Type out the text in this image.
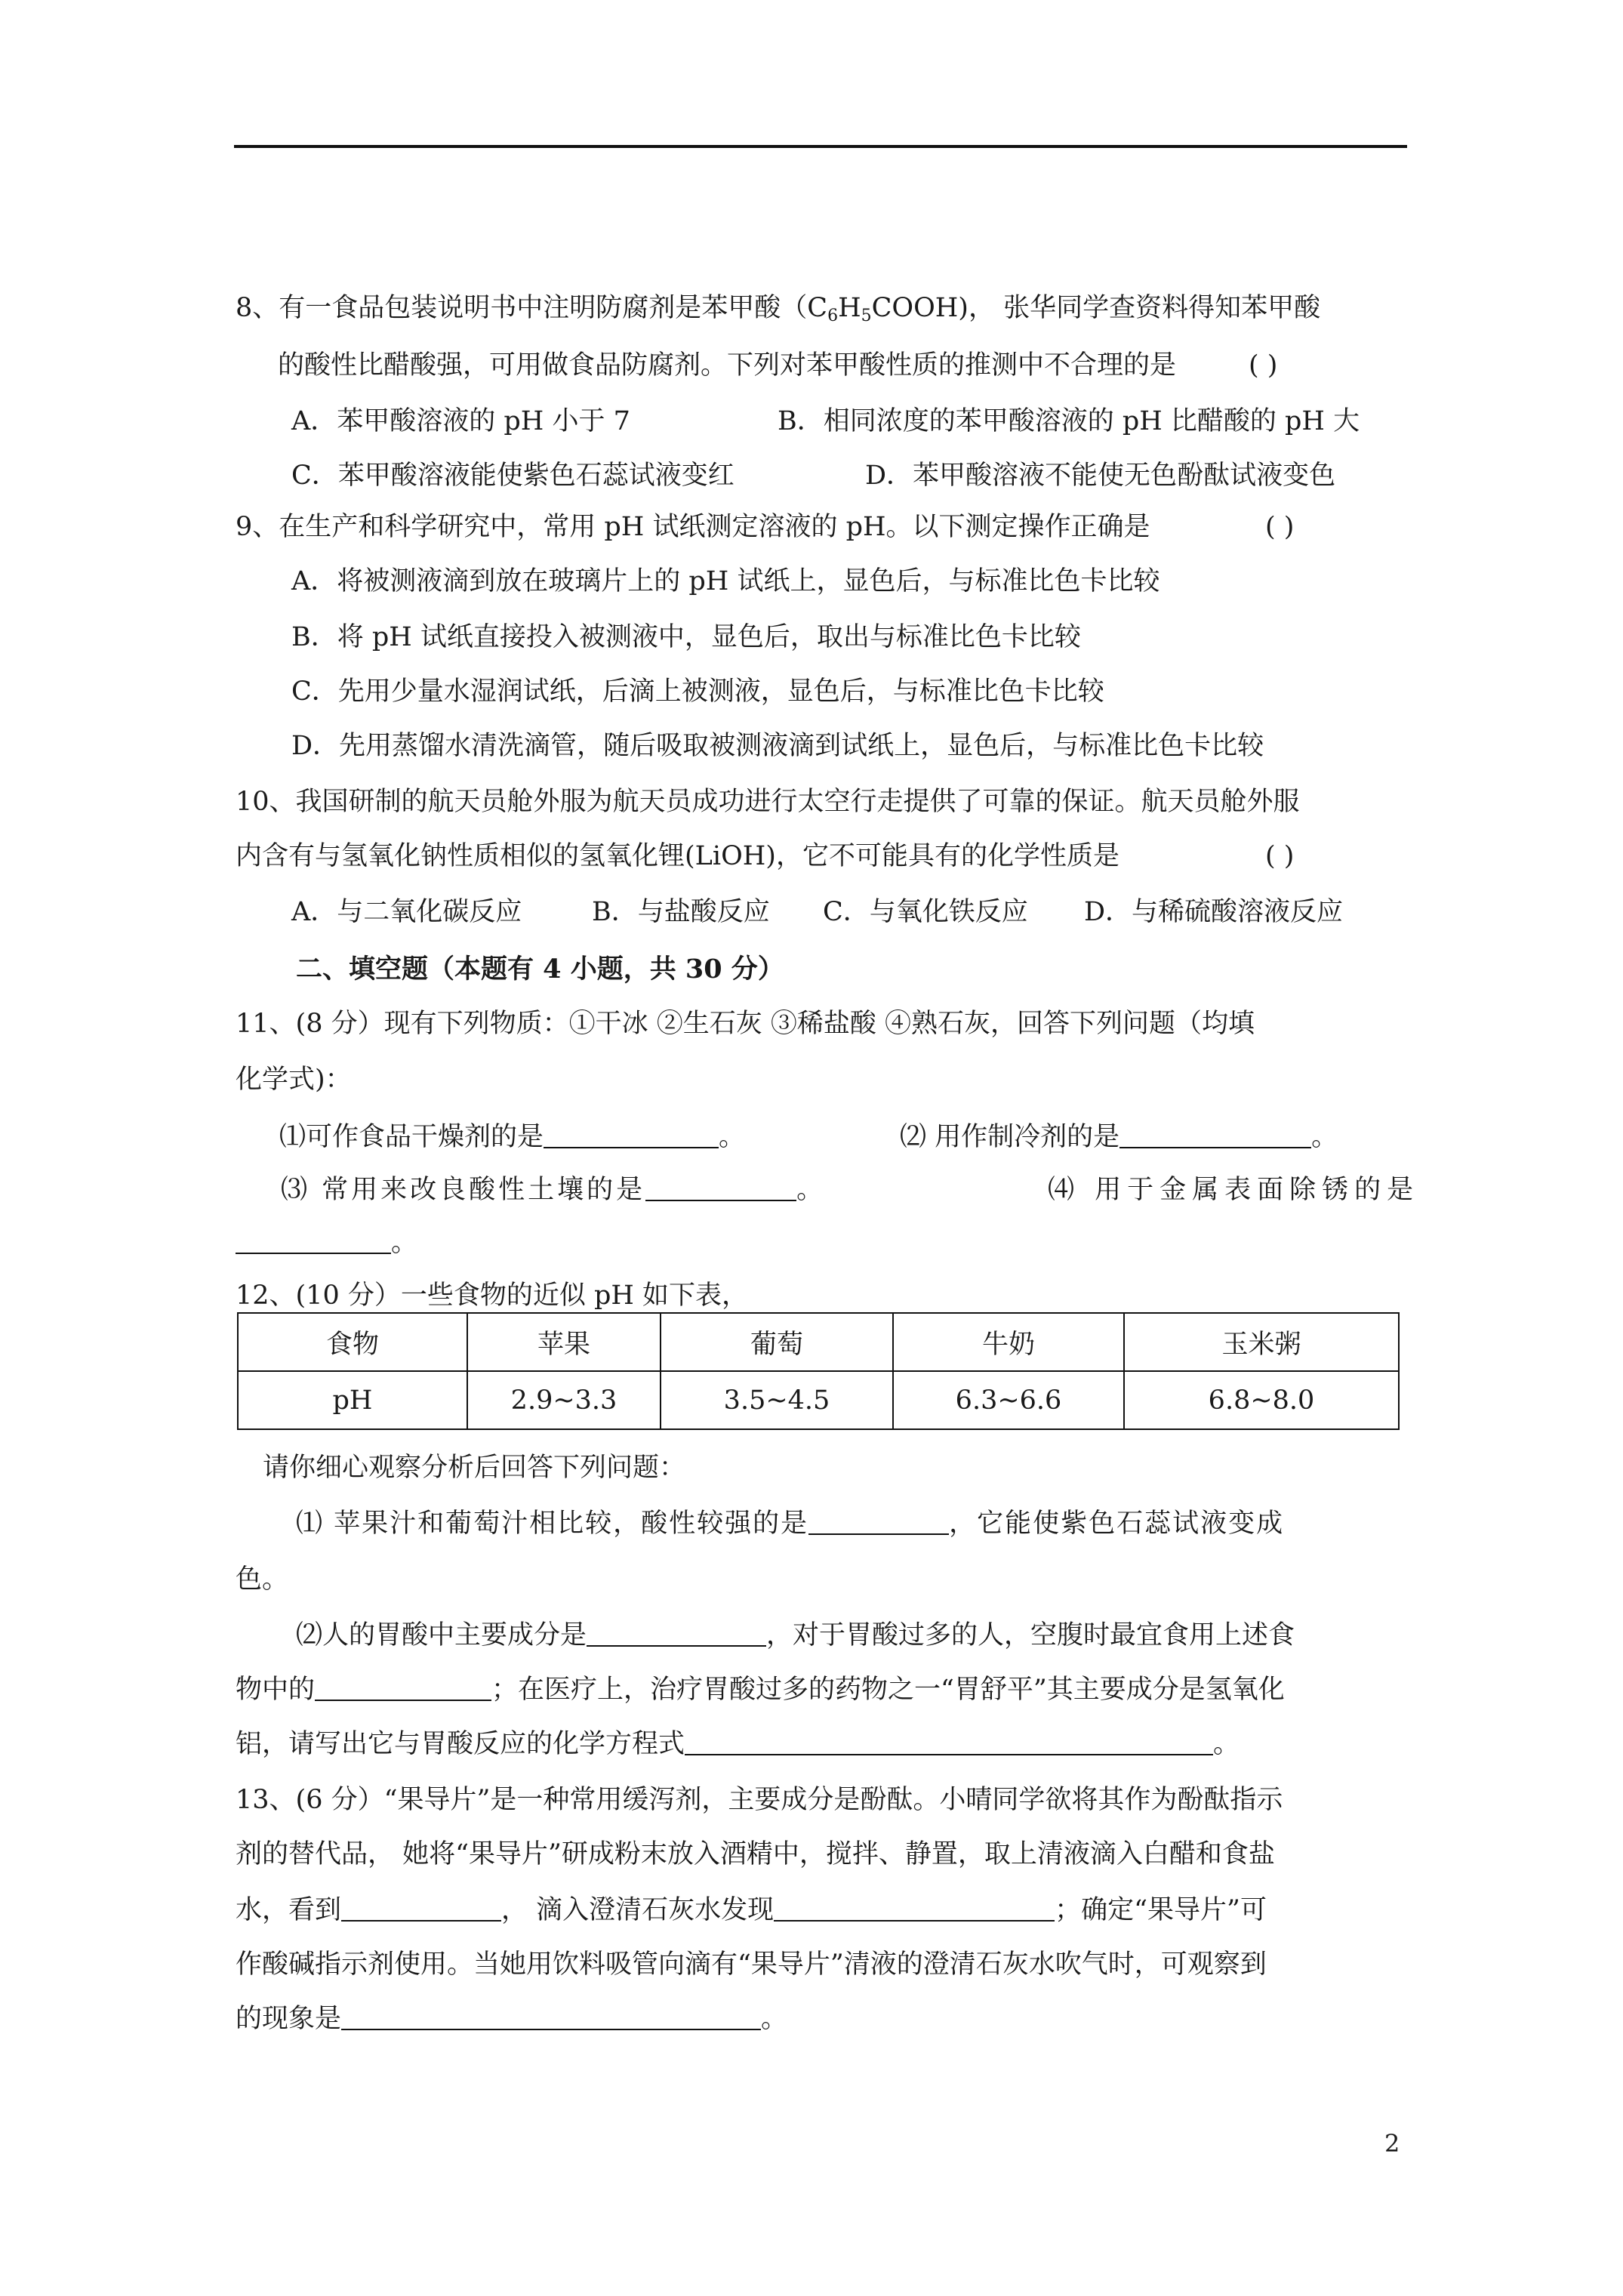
8、有一食品包装说明书中注明防腐剂是苯甲酸$(C_6H_5COOH)$， 张华同学查资料得知苯甲酸
的酸性比醋酸强，可用做食品防腐剂。下列对苯甲酸性质的推测中不合理的是	( )
A．苯甲酸溶液的 pH 小于 7	B．相同浓度的苯甲酸溶液的 pH 比醋酸的 pH 大
C．苯甲酸溶液能使紫色石蕊试液变红	D．苯甲酸溶液不能使无色酚酞试液变色
9、在生产和科学研究中，常用 pH 试纸测定溶液的 pH。以下测定操作正确是	( )
A．将被测液滴到放在玻璃片上的 pH 试纸上，显色后，与标准比色卡比较
B．将 pH 试纸直接投入被测液中，显色后，取出与标准比色卡比较
C．先用少量水湿润试纸，后滴上被测液，显色后，与标准比色卡比较
D．先用蒸馏水清洗滴管，随后吸取被测液滴到试纸上，显色后，与标准比色卡比较
10、我国研制的航天员舱外服为航天员成功进行太空行走提供了可靠的保证。航天员舱外服
内含有与氢氧化钠性质相似的氢氧化锂(LiOH)，它不可能具有的化学性质是	( )
A．与二氧化碳反应	B．与盐酸反应 C．与氧化铁反应 D．与稀硫酸溶液反应
二、填空题（本题有 4 小题，共 30 分）
11、(8 分）现有下列物质：①干冰 ②生石灰 ③稀盐酸 ④熟石灰，回答下列问题（均填
化学式)：
⑴可作食品干燥剂的是	。	⑵ 用作制冷剂的是	。
⑶ 常用来改良酸性土壤的是	。	⑷ 用于金属表面除锈的是
。
12、(10 分）一些食物的近似 pH 如下表，
食物	苹果	葡萄	牛奶	玉米粥
pH	2.9~3.3	3.5~4.5	6.3~6.6	6.8~8.0
请你细心观察分析后回答下列问题：
⑴ 苹果汁和葡萄汁相比较，酸性较强的是	，它能使紫色石蕊试液变成
色。
⑵人的胃酸中主要成分是	，对于胃酸过多的人，空腹时最宜食用上述食
物中的	；在医疗上，治疗胃酸过多的药物之一“胃舒平”其主要成分是氢氧化
铝，请写出它与胃酸反应的化学方程式	。
13、(6 分）“果导片”是一种常用缓泻剂，主要成分是酚酞。小晴同学欲将其作为酚酞指示
剂的替代品， 她将“果导片”研成粉末放入酒精中，搅拌、静置，取上清液滴入白醋和食盐
水，看到	， 滴入澄清石灰水发现	；确定“果导片”可
作酸碱指示剂使用。当她用饮料吸管向滴有“果导片”清液的澄清石灰水吹气时，可观察到
的现象是	。
2
